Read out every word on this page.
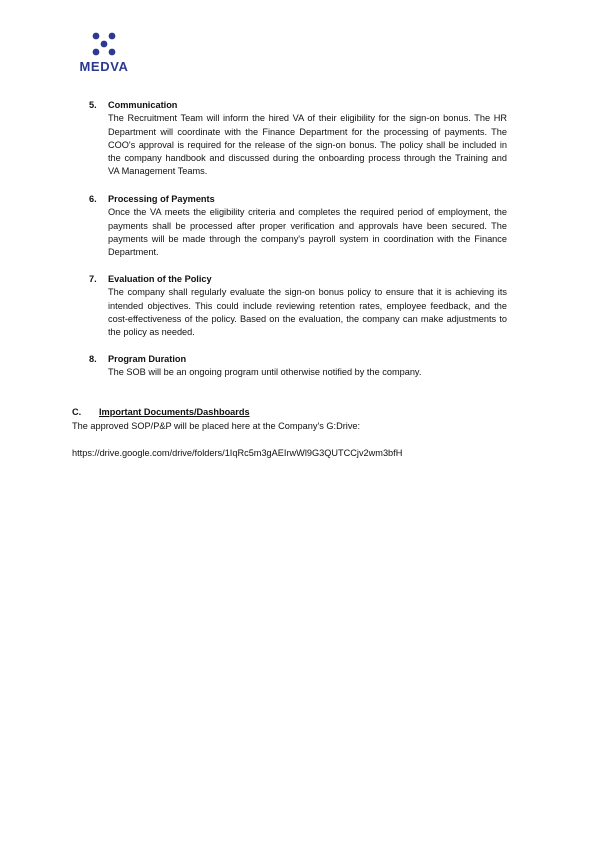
MEDVA
5. Communication
The Recruitment Team will inform the hired VA of their eligibility for the sign-on bonus. The HR Department will coordinate with the Finance Department for the processing of payments. The COO's approval is required for the release of the sign-on bonus. The policy shall be included in the company handbook and discussed during the onboarding process through the Training and VA Management Teams.
6. Processing of Payments
Once the VA meets the eligibility criteria and completes the required period of employment, the payments shall be processed after proper verification and approvals have been secured. The payments will be made through the company's payroll system in coordination with the Finance Department.
7. Evaluation of the Policy
The company shall regularly evaluate the sign-on bonus policy to ensure that it is achieving its intended objectives. This could include reviewing retention rates, employee feedback, and the cost-effectiveness of the policy. Based on the evaluation, the company can make adjustments to the policy as needed.
8. Program Duration
The SOB will be an ongoing program until otherwise notified by the company.
C. Important Documents/Dashboards
The approved SOP/P&P will be placed here at the Company's G:Drive:
https://drive.google.com/drive/folders/1IqRc5m3gAEIrwWl9G3QUTCCjv2wm3bfH
